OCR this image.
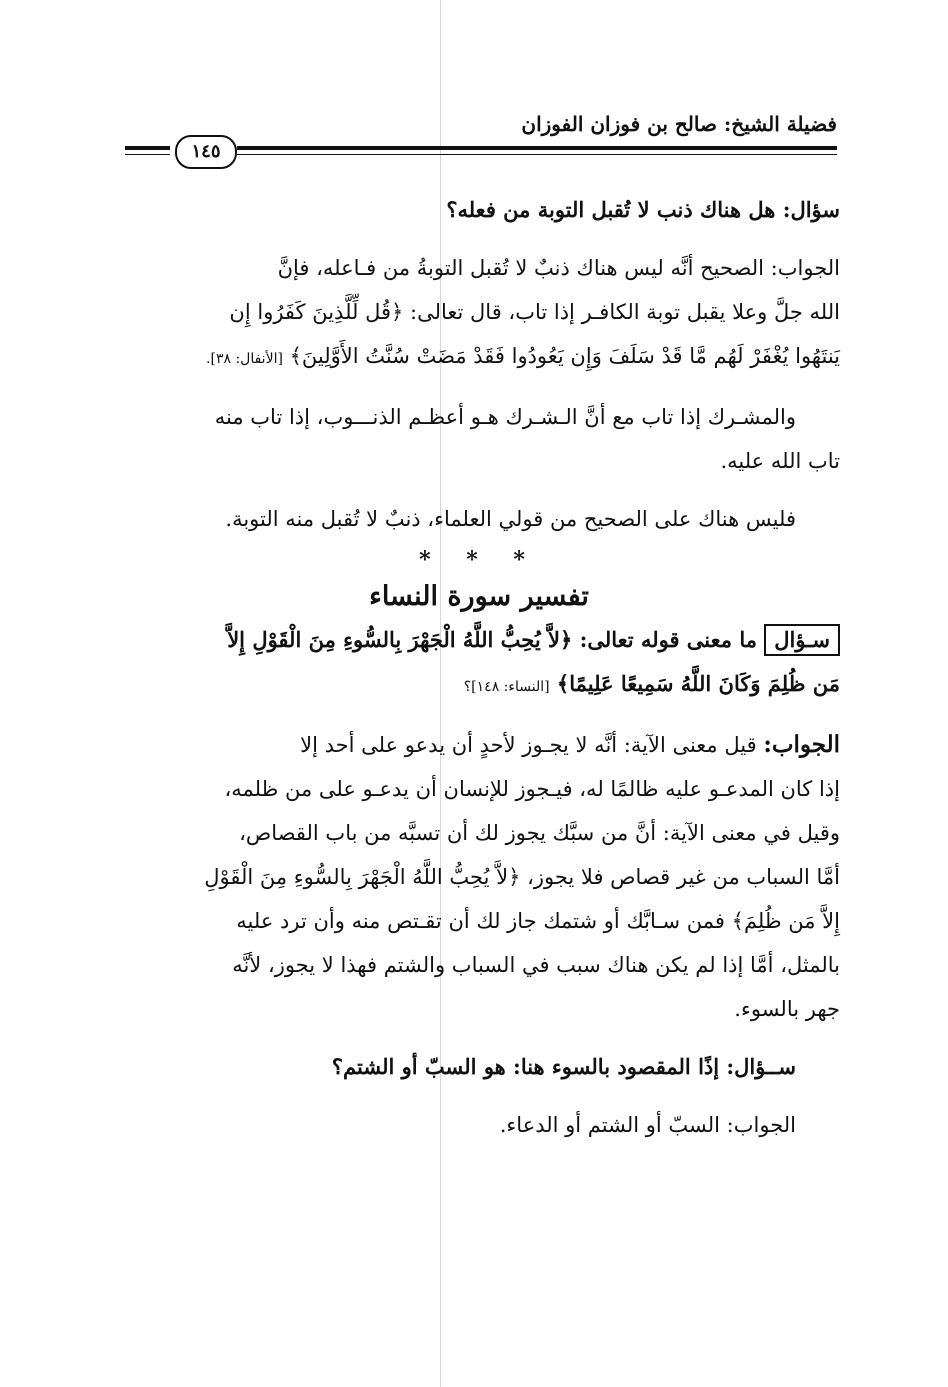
فضيلة الشيخ: صالح بن فوزان الفوزان
١٤٥

سؤال: هل هناك ذنب لا تُقبل التوبة من فعله؟

الجواب: الصحيح أنَّه ليس هناك ذنبٌ لا تُقبل التوبةُ من فـاعله، فإنَّ

الله جلَّ وعلا يقبل توبة الكافـر إذا تاب، قال تعالى: ﴿قُل لِّلَّذِينَ كَفَرُوا إِن

يَنتَهُوا يُغْفَرْ لَهُم مَّا قَدْ سَلَفَ وَإِن يَعُودُوا فَقَدْ مَضَتْ سُنَّتُ الأَوَّلِينَ﴾ [الأنفال: ٣٨].

والمشـرك إذا تاب مع أنَّ الـشـرك هـو أعظـم الذنـــوب، إذا تاب منه

تاب الله عليه.

فليس هناك على الصحيح من قولي العلماء، ذنبٌ لا تُقبل منه التوبة.

* * *
تفسير سورة النساء

سـؤال ما معنى قوله تعالى: ﴿لاَّ يُحِبُّ اللَّهُ الْجَهْرَ بِالسُّوءِ مِنَ الْقَوْلِ إِلاَّ

مَن ظُلِمَ وَكَانَ اللَّهُ سَمِيعًا عَلِيمًا﴾ [النساء: ١٤٨]؟

الجواب: قيل معنى الآية: أنَّه لا يجـوز لأحدٍ أن يدعو على أحد إلا

إذا كان المدعـو عليه ظالمًا له، فيـجوز للإنسان أن يدعـو على من ظلمه،

وقيل في معنى الآية: أنَّ من سبَّك يجوز لك أن تسبَّه من باب القصاص،

أمَّا السباب من غير قصاص فلا يجوز، ﴿لاَّ يُحِبُّ اللَّهُ الْجَهْرَ بِالسُّوءِ مِنَ الْقَوْلِ

إِلاَّ مَن ظُلِمَ﴾ فمن سـابَّك أو شتمك جاز لك أن تقـتص منه وأن ترد عليه

بالمثل، أمَّا إذا لم يكن هناك سبب في السباب والشتم فهذا لا يجوز، لأنَّه

جهر بالسوء.

ســؤال: إذًا المقصود بالسوء هنا: هو السبّ أو الشتم؟

الجواب: السبّ أو الشتم أو الدعاء.
